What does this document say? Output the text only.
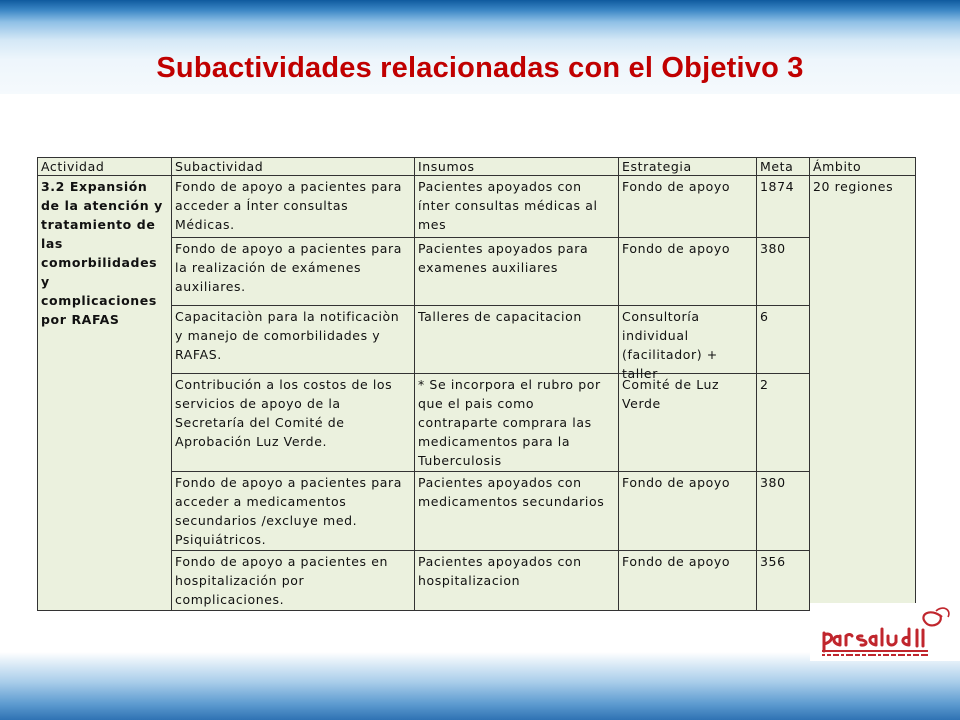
Subactividades relacionadas con el Objetivo 3
Actividad	Subactividad	Insumos	Estrategia	Meta	Ámbito
3.2 Expansión de la atención y tratamiento de las comorbilidades y complicaciones por RAFAS	Fondo de apoyo a pacientes para acceder a Ínter consultas Médicas.	Pacientes apoyados con ínter consultas médicas al mes	Fondo de apoyo	1874	20 regiones
	Fondo de apoyo a pacientes para la realización de exámenes auxiliares.	Pacientes apoyados para examenes auxiliares	Fondo de apoyo	380	
	Capacitaciòn para la notificaciòn y manejo de comorbilidades y RAFAS.	Talleres de capacitacion	Consultoría individual (facilitador) + taller	6	
	Contribución a los costos de los servicios de apoyo de la Secretaría del Comité de Aprobación Luz Verde.	* Se incorpora el rubro por que el pais como contraparte comprara las medicamentos para la Tuberculosis	Comité de Luz Verde	2	
	Fondo de apoyo a pacientes para acceder a medicamentos secundarios /excluye med. Psiquiátricos.	Pacientes apoyados con medicamentos secundarios	Fondo de apoyo	380	
	Fondo de apoyo a pacientes en hospitalización por complicaciones.	Pacientes apoyados con hospitalizacion	Fondo de apoyo	356	
